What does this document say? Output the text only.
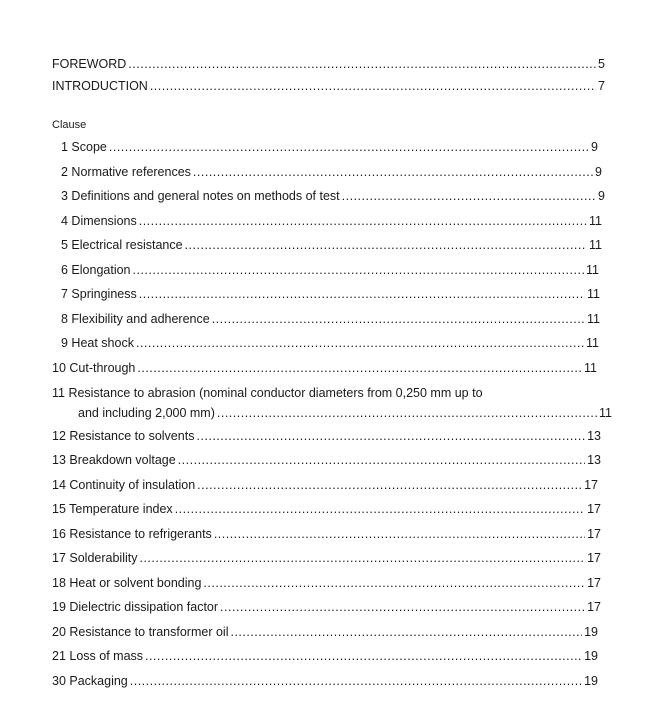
FOREWORD .....	5
INTRODUCTION .....	7
Clause
1 Scope .....	9
2 Normative references .....	9
3 Definitions and general notes on methods of test .....	9
4 Dimensions .....	11
5 Electrical resistance .....	11
6 Elongation .....	11
7 Springiness .....	11
8 Flexibility and adherence .....	11
9 Heat shock .....	11
10 Cut-through .....	11
11 Resistance to abrasion (nominal conductor diameters from 0,250 mm up to
and including 2,000 mm) .....	11
12 Resistance to solvents .....	13
13 Breakdown voltage .....	13
14 Continuity of insulation .....	17
15 Temperature index .....	17
16 Resistance to refrigerants .....	17
17 Solderability .....	17
18 Heat or solvent bonding .....	17
19 Dielectric dissipation factor .....	17
20 Resistance to transformer oil .....	19
21 Loss of mass .....	19
30 Packaging .....	19
